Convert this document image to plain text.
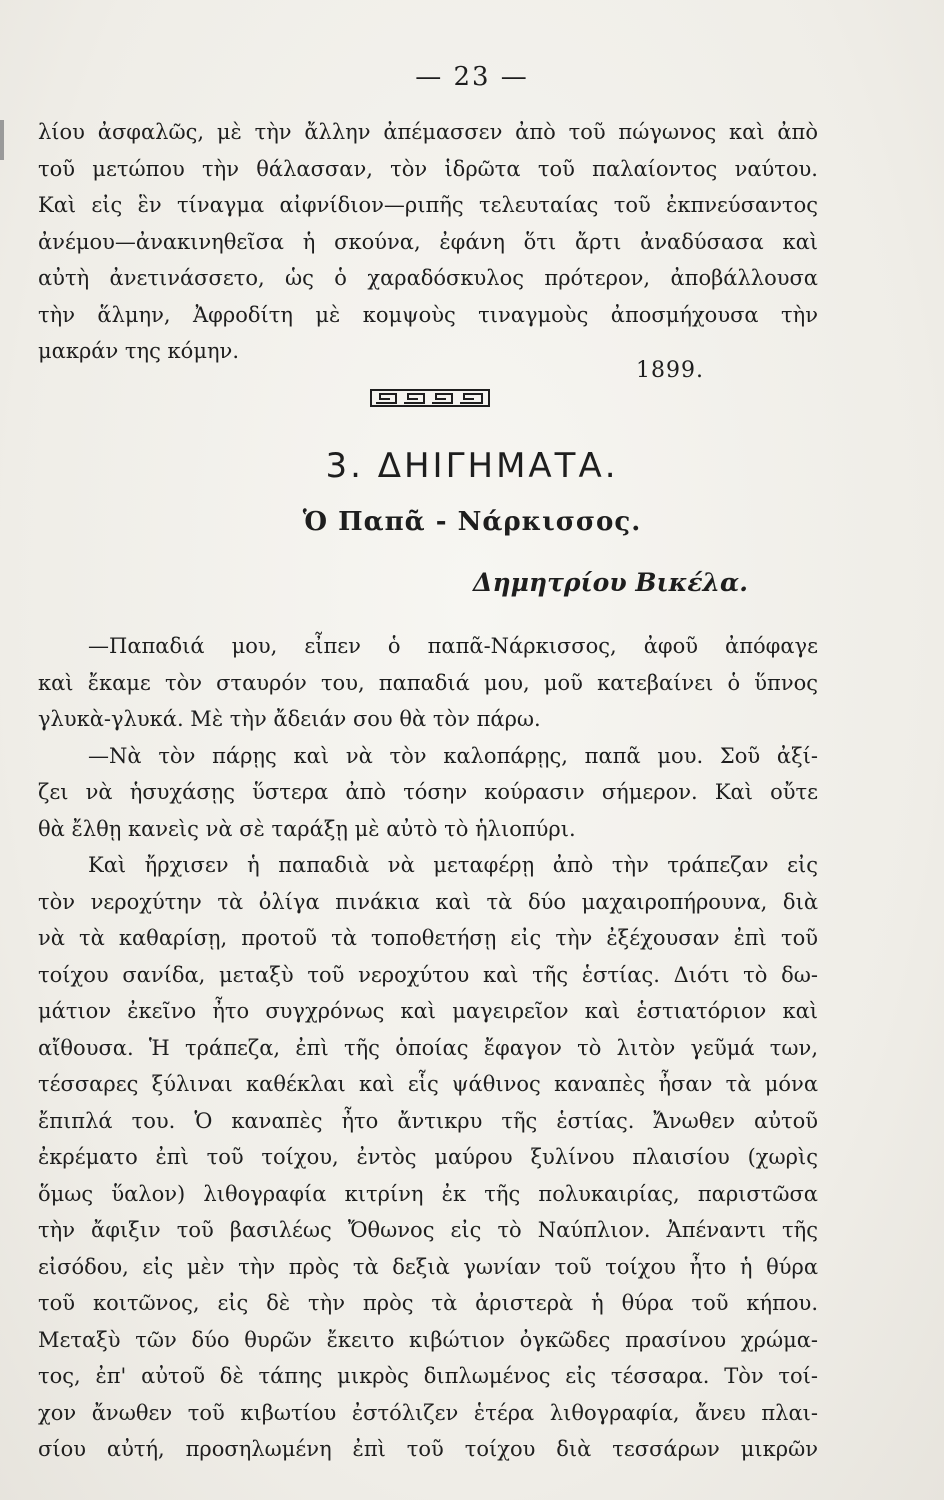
— 23 —
λίου ἀσφαλῶς, μὲ τὴν ἄλλην ἀπέμασσεν ἀπὸ τοῦ πώγωνος καὶ ἀπὸ
τοῦ μετώπου τὴν θάλασσαν, τὸν ἱδρῶτα τοῦ παλαίοντος ναύτου.
Καὶ εἰς ἓν τίναγμα αἰφνίδιον—ριπῆς τελευταίας τοῦ ἐκπνεύσαντος
ἀνέμου—ἀνακινηθεῖσα ἡ σκούνα, ἐφάνη ὅτι ἄρτι ἀναδύσασα καὶ
αὐτὴ ἀνετινάσσετο, ὡς ὁ χαραδόσκυλος πρότερον, ἀποβάλλουσα
τὴν ἅλμην, Ἀφροδίτη μὲ κομψοὺς τιναγμοὺς ἀποσμήχουσα τὴν
μακράν της κόμην.
1899.
3. ΔΗΙΓΗΜΑΤΑ.
Ὁ Παπᾶ - Νάρκισσος.
Δημητρίου Βικέλα.
—Παπαδιά μου, εἶπεν ὁ παπᾶ-Νάρκισσος, ἀφοῦ ἀπόφαγε
καὶ ἔκαμε τὸν σταυρόν του, παπαδιά μου, μοῦ κατεβαίνει ὁ ὕπνος
γλυκὰ-γλυκά. Μὲ τὴν ἄδειάν σου θὰ τὸν πάρω.
—Νὰ τὸν πάρῃς καὶ νὰ τὸν καλοπάρῃς, παπᾶ μου. Σοῦ ἀξί-
ζει νὰ ἡσυχάσῃς ὕστερα ἀπὸ τόσην κούρασιν σήμερον. Καὶ οὔτε
θὰ ἔλθῃ κανεὶς νὰ σὲ ταράξῃ μὲ αὐτὸ τὸ ἡλιοπύρι.
Καὶ ἤρχισεν ἡ παπαδιὰ νὰ μεταφέρῃ ἀπὸ τὴν τράπεζαν εἰς
τὸν νεροχύτην τὰ ὀλίγα πινάκια καὶ τὰ δύο μαχαιροπήρουνα, διὰ
νὰ τὰ καθαρίσῃ, προτοῦ τὰ τοποθετήσῃ εἰς τὴν ἐξέχουσαν ἐπὶ τοῦ
τοίχου σανίδα, μεταξὺ τοῦ νεροχύτου καὶ τῆς ἑστίας. Διότι τὸ δω-
μάτιον ἐκεῖνο ἦτο συγχρόνως καὶ μαγειρεῖον καὶ ἑστιατόριον καὶ
αἴθουσα. Ἡ τράπεζα, ἐπὶ τῆς ὁποίας ἔφαγον τὸ λιτὸν γεῦμά των,
τέσσαρες ξύλιναι καθέκλαι καὶ εἷς ψάθινος καναπὲς ἦσαν τὰ μόνα
ἔπιπλά του. Ὁ καναπὲς ἦτο ἄντικρυ τῆς ἑστίας. Ἄνωθεν αὐτοῦ
ἐκρέματο ἐπὶ τοῦ τοίχου, ἐντὸς μαύρου ξυλίνου πλαισίου (χωρὶς
ὅμως ὕαλον) λιθογραφία κιτρίνη ἐκ τῆς πολυκαιρίας, παριστῶσα
τὴν ἄφιξιν τοῦ βασιλέως Ὄθωνος εἰς τὸ Ναύπλιον. Ἀπέναντι τῆς
εἰσόδου, εἰς μὲν τὴν πρὸς τὰ δεξιὰ γωνίαν τοῦ τοίχου ἦτο ἡ θύρα
τοῦ κοιτῶνος, εἰς δὲ τὴν πρὸς τὰ ἀριστερὰ ἡ θύρα τοῦ κήπου.
Μεταξὺ τῶν δύο θυρῶν ἔκειτο κιβώτιον ὀγκῶδες πρασίνου χρώμα-
τος, ἐπ' αὐτοῦ δὲ τάπης μικρὸς διπλωμένος εἰς τέσσαρα. Τὸν τοί-
χον ἄνωθεν τοῦ κιβωτίου ἐστόλιζεν ἑτέρα λιθογραφία, ἄνευ πλαι-
σίου αὐτή, προσηλωμένη ἐπὶ τοῦ τοίχου διὰ τεσσάρων μικρῶν
